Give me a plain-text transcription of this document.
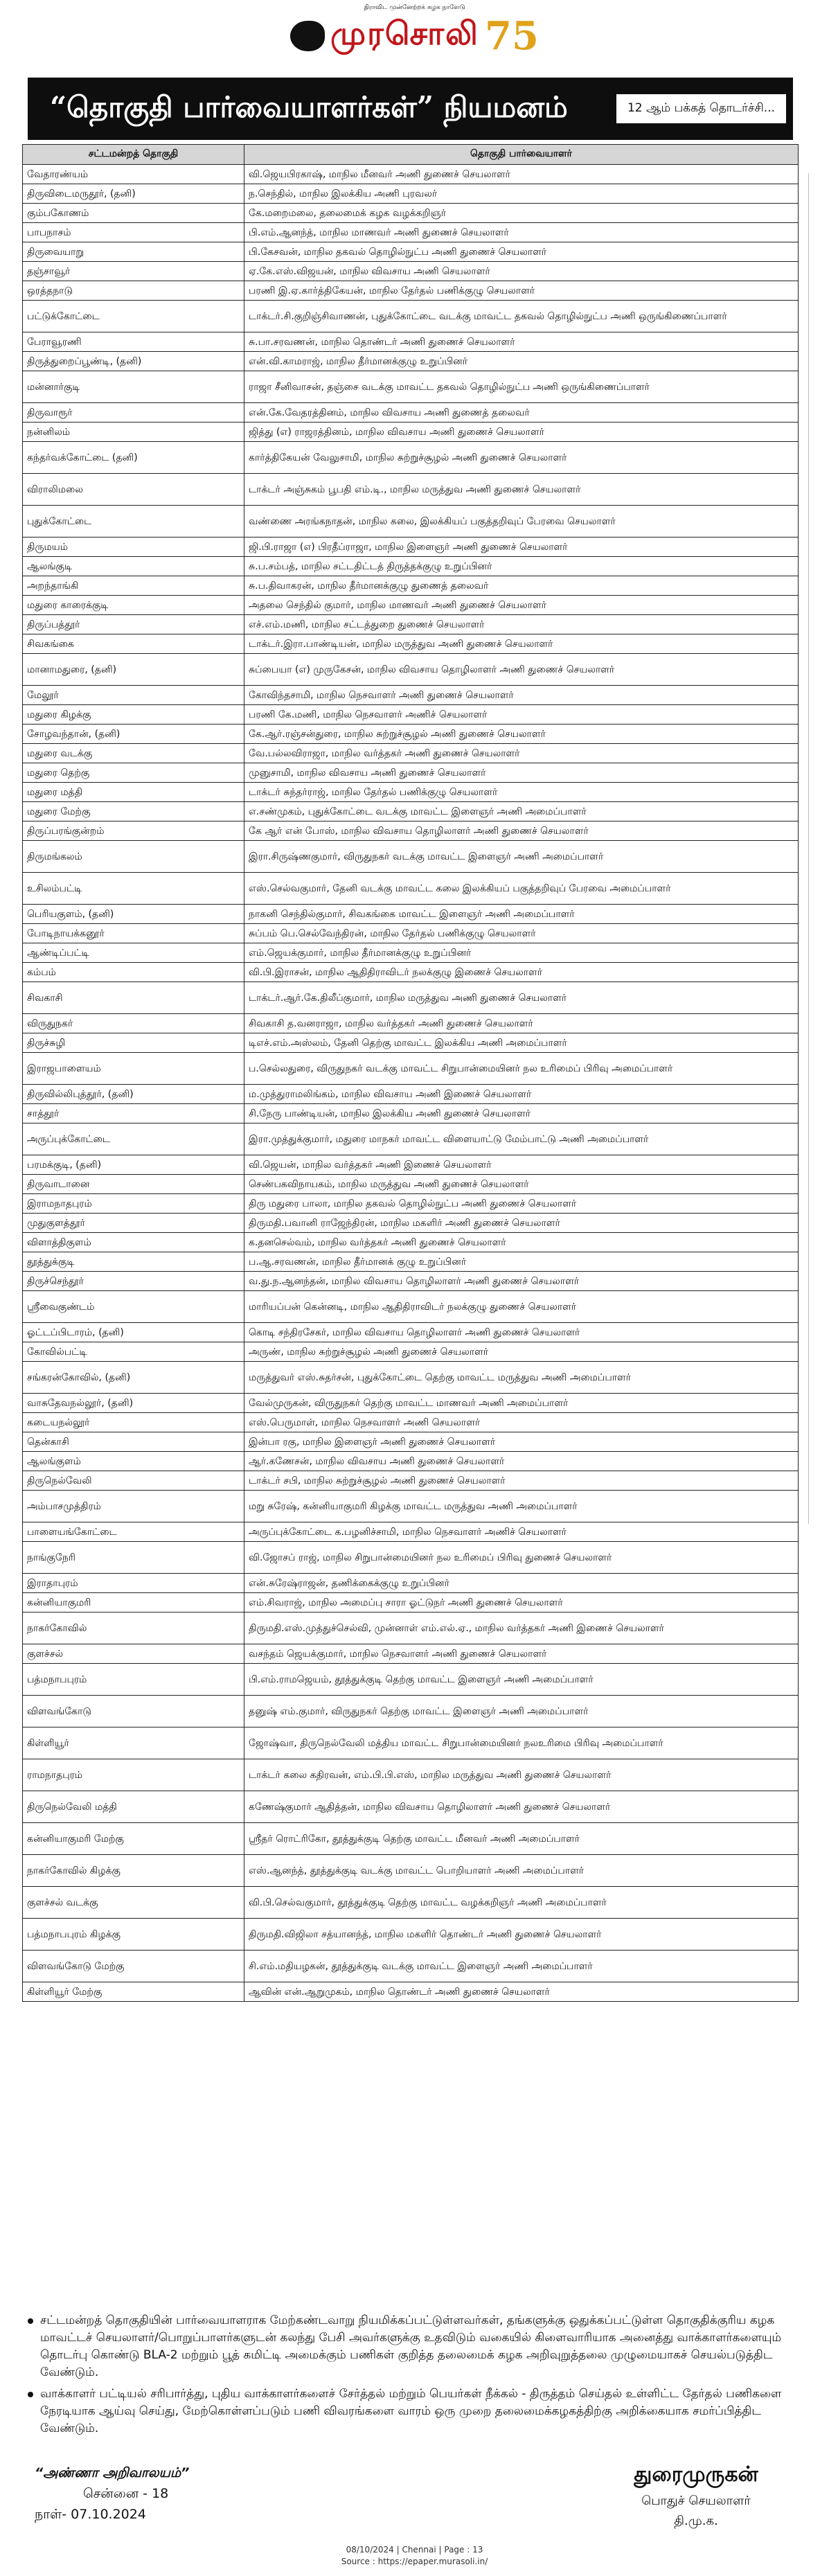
திராவிட முன்னேற்றக் கழக நாளேடு
முரசொலி 75
“தொகுதி பார்வையாளர்கள்” நியமனம்	12 ஆம் பக்கத் தொடர்ச்சி...
சட்டமன்றத் தொகுதி	தொகுதி பார்வையாளர்
வேதாரண்யம்	வி.ஜெயபிரகாஷ், மாநில மீனவர் அணி துணைச் செயலாளர்
திருவிடைமருதூர், (தனி)	ந.செந்தில், மாநில இலக்கிய அணி புரவலர்
கும்பகோணம்	கே.மறைமலை, தலைமைக் கழக வழக்கறிஞர்
பாபநாசம்	பி.எம்.ஆனந்த், மாநில மாணவர் அணி துணைச் செயலாளர்
திருவையாறு	பி.கேசவன், மாநில தகவல் தொழில்நுட்ப அணி துணைச் செயலாளர்
தஞ்சாவூர்	ஏ.கே.எஸ்.விஜயன், மாநில விவசாய அணி செயலாளர்
ஒரத்தநாடு	பரணி இ.ஏ.கார்த்திகேயன், மாநில தேர்தல் பணிக்குழு செயலாளர்
பட்டுக்கோட்டை	டாக்டர்.சி.குறிஞ்சிவாணன், புதுக்கோட்டை வடக்கு மாவட்ட தகவல் தொழில்நுட்ப அணி ஒருங்கிணைப்பாளர்
பேராவூரணி	சு.பா.சரவணன், மாநில தொண்டர் அணி துணைச் செயலாளர்
திருத்துறைப்பூண்டி, (தனி)	என்.வி.காமராஜ், மாநில தீர்மானக்குழு உறுப்பினர்
மன்னார்குடி	ராஜா சீனிவாசன், தஞ்சை வடக்கு மாவட்ட தகவல் தொழில்நுட்ப அணி ஒருங்கிணைப்பாளர்
திருவாரூர்	என்.கே.வேதரத்தினம், மாநில விவசாய அணி துணைத் தலைவர்
நன்னிலம்	ஜித்து (எ) ராஜரத்தினம், மாநில விவசாய அணி துணைச் செயலாளர்
கந்தர்வக்கோட்டை (தனி)	கார்த்திகேயன் வேலுசாமி, மாநில சுற்றுச்சூழல் அணி துணைச் செயலாளர்
விராலிமலை	டாக்டர் அஞ்சுகம் பூபதி எம்.டி., மாநில மருத்துவ அணி துணைச் செயலாளர்
புதுக்கோட்டை	வண்ணை அரங்கநாதன், மாநில கலை, இலக்கியப் பகுத்தறிவுப் பேரவை செயலாளர்
திருமயம்	ஜி.பி.ராஜா (எ) பிரதீப்ராஜா, மாநில இளைஞர் அணி துணைச் செயலாளர்
ஆலங்குடி	சு.ப.சம்பத், மாநில சட்டதிட்டத் திருத்தக்குழு உறுப்பினர்
அறந்தாங்கி	சு.ப.திவாகரன், மாநில தீர்மானக்குழு துணைத் தலைவர்
மதுரை காரைக்குடி	அதலை செந்தில் குமார், மாநில மாணவர் அணி துணைச் செயலாளர்
திருப்பத்தூர்	எச்.எம்.மணி, மாநில சட்டத்துறை துணைச் செயலாளர்
சிவகங்கை	டாக்டர்.இரா.பாண்டியன், மாநில மருத்துவ அணி துணைச் செயலாளர்
மானாமதுரை, (தனி)	சுப்பையா (எ) முருகேசன், மாநில விவசாய தொழிலாளர் அணி துணைச் செயலாளர்
மேலூர்	கோவிந்தசாமி, மாநில நெசவாளர் அணி துணைச் செயலாளர்
மதுரை கிழக்கு	பரணி கே.மணி, மாநில நெசவாளர் அணிச் செயலாளர்
சோழவந்தான், (தனி)	கே.ஆர்.ரஞ்சன்துரை, மாநில சுற்றுச்சூழல் அணி துணைச் செயலாளர்
மதுரை வடக்கு	வே.பல்லவிராஜா, மாநில வர்த்தகர் அணி துணைச் செயலாளர்
மதுரை தெற்கு	முனுசாமி, மாநில விவசாய அணி துணைச் செயலாளர்
மதுரை மத்தி	டாக்டர் சுந்தர்ராஜ், மாநில தேர்தல் பணிக்குழு செயலாளர்
மதுரை மேற்கு	எ.சண்முகம், புதுக்கோட்டை வடக்கு மாவட்ட இளைஞர் அணி அமைப்பாளர்
திருப்பரங்குன்றம்	கே ஆர் என் போஸ், மாநில விவசாய தொழிலாளர் அணி துணைச் செயலாளர்
திருமங்கலம்	இரா.சிருஷ்ணகுமார், விருதுநகர் வடக்கு மாவட்ட இளைஞர் அணி அமைப்பாளர்
உசிலம்பட்டி	எஸ்.செல்வகுமார், தேனி வடக்கு மாவட்ட கலை இலக்கியப் பகுத்தறிவுப் பேரவை அமைப்பாளர்
பெரியகுளம், (தனி)	நாகனி செந்தில்குமார், சிவகங்கை மாவட்ட இளைஞர் அணி அமைப்பாளர்
போடிநாயக்கனூர்	சுப்பம் பெ.செல்வேந்திரன், மாநில தேர்தல் பணிக்குழு செயலாளர்
ஆண்டிப்பட்டி	எம்.ஜெயக்குமார், மாநில தீர்மானக்குழு உறுப்பினர்
கம்பம்	வி.பி.இராசன், மாநில ஆதிதிராவிடர் நலக்குழு இணைச் செயலாளர்
சிவகாசி	டாக்டர்.ஆர்.கே.திலீப்குமார், மாநில மருத்துவ அணி துணைச் செயலாளர்
விருதுநகர்	சிவகாசி த.வனராஜா, மாநில வர்த்தகர் அணி துணைச் செயலாளர்
திருச்சுழி	டிஎச்.எம்.அஸ்லம், தேனி தெற்கு மாவட்ட இலக்கிய அணி அமைப்பாளர்
இராஜபாளையம்	ப.செல்லதுரை, விருதுநகர் வடக்கு மாவட்ட சிறுபான்மையினர் நல உரிமைப் பிரிவு அமைப்பாளர்
திருவில்லிபுத்தூர், (தனி)	ம.முத்துராமலிங்கம், மாநில விவசாய அணி இணைச் செயலாளர்
சாத்தூர்	சி.நேரு பாண்டியன், மாநில இலக்கிய அணி துணைச் செயலாளர்
அருப்புக்கோட்டை	இரா.முத்துக்குமார், மதுரை மாநகர் மாவட்ட விளையாட்டு மேம்பாட்டு அணி அமைப்பாளர்
பரமக்குடி, (தனி)	வி.ஜெயன், மாநில வர்த்தகர் அணி இணைச் செயலாளர்
திருவாடானை	செண்பகவிநாயகம், மாநில மருத்துவ அணி துணைச் செயலாளர்
இராமநாதபுரம்	திரு மதுரை பாலா, மாநில தகவல் தொழில்நுட்ப அணி துணைச் செயலாளர்
முதுகுளத்தூர்	திருமதி.பவானி ராஜேந்திரன், மாநில மகளிர் அணி துணைச் செயலாளர்
விளாத்திகுளம்	க.தனசெல்வம், மாநில வர்த்தகர் அணி துணைச் செயலாளர்
தூத்துக்குடி	ப.ஆ.சரவணன், மாநில தீர்மானக் குழு உறுப்பினர்
திருச்செந்தூர்	வ.து.ந.ஆனந்தன், மாநில விவசாய தொழிலாளர் அணி துணைச் செயலாளர்
ஸ்ரீவைகுண்டம்	மாரியப்பன் கென்னடி, மாநில ஆதிதிராவிடர் நலக்குழு துணைச் செயலாளர்
ஓட்டப்பிடாரம், (தனி)	கொடி சந்திரசேகர், மாநில விவசாய தொழிலாளர் அணி துணைச் செயலாளர்
கோவில்பட்டி	அருண், மாநில சுற்றுச்சூழல் அணி துணைச் செயலாளர்
சங்கரன்கோவில், (தனி)	மருத்துவர் எஸ்.சுதர்சன், புதுக்கோட்டை தெற்கு மாவட்ட மருத்துவ அணி அமைப்பாளர்
வாசுதேவநல்லூர், (தனி)	வேல்முருகன், விருதுநகர் தெற்கு மாவட்ட மாணவர் அணி அமைப்பாளர்
கடையநல்லூர்	எஸ்.பெருமாள், மாநில நெசவாளர் அணி செயலாளர்
தென்காசி	இன்பா ரகு, மாநில இளைஞர் அணி துணைச் செயலாளர்
ஆலங்குளம்	ஆர்.கணேசன், மாநில விவசாய அணி துணைச் செயலாளர்
திருநெல்வேலி	டாக்டர் சபி, மாநில சுற்றுச்சூழல் அணி துணைச் செயலாளர்
அம்பாசமுத்திரம்	மறு சுரேஷ், கன்னியாகுமரி கிழக்கு மாவட்ட மருத்துவ அணி அமைப்பாளர்
பாளையங்கோட்டை	அருப்புக்கோட்டை க.பழனிச்சாமி, மாநில நெசவாளர் அணிச் செயலாளர்
நாங்குநேரி	வி.ஜோசப் ராஜ், மாநில சிறுபான்மையினர் நல உரிமைப் பிரிவு துணைச் செயலாளர்
இராதாபுரம்	என்.சுரேஷ்ராஜன், தணிக்கைக்குழு உறுப்பினர்
கன்னியாகுமரி	எம்.சிவராஜ், மாநில அமைப்பு சாரா ஓட்டுநர் அணி துணைச் செயலாளர்
நாகர்கோவில்	திருமதி.எஸ்.முத்துச்செல்வி, முன்னாள் எம்.எல்.ஏ., மாநில வர்த்தகர் அணி இணைச் செயலாளர்
குளச்சல்	வசந்தம் ஜெயக்குமார், மாநில நெசவாளர் அணி துணைச் செயலாளர்
பத்மநாபபுரம்	பி.எம்.ராமஜெயம், தூத்துக்குடி தெற்கு மாவட்ட இளைஞர் அணி அமைப்பாளர்
விளவங்கோடு	தனுஷ் எம்.குமார், விருதுநகர் தெற்கு மாவட்ட இளைஞர் அணி அமைப்பாளர்
கிள்ளியூர்	ஜோஷ்வா, திருநெல்வேலி மத்திய மாவட்ட சிறுபான்மையினர் நலஉரிமை பிரிவு அமைப்பாளர்
ராமநாதபுரம்	டாக்டர் கலை கதிரவன், எம்.பி.பி.எஸ், மாநில மருத்துவ அணி துணைச் செயலாளர்
திருநெல்வேலி மத்தி	கணேஷ்குமார் ஆதித்தன், மாநில விவசாய தொழிலாளர் அணி துணைச் செயலாளர்
கன்னியாகுமரி மேற்கு	ஸ்ரீதர் ரொட்ரிகோ, தூத்துக்குடி தெற்கு மாவட்ட மீனவர் அணி அமைப்பாளர்
நாகர்கோவில் கிழக்கு	எஸ்.ஆனந்த், தூத்துக்குடி வடக்கு மாவட்ட பொறியாளர் அணி அமைப்பாளர்
குளச்சல் வடக்கு	வி.பி.செல்வகுமார், தூத்துக்குடி தெற்கு மாவட்ட வழக்கறிஞர் அணி அமைப்பாளர்
பத்மநாபபுரம் கிழக்கு	திருமதி.விஜிலா சத்யானந்த், மாநில மகளிர் தொண்டர் அணி துணைச் செயலாளர்
விளவங்கோடு மேற்கு	சி.எம்.மதியழகன், தூத்துக்குடி வடக்கு மாவட்ட இளைஞர் அணி அமைப்பாளர்
கிள்ளியூர் மேற்கு	ஆவின் என்.ஆறுமுகம், மாநில தொண்டர் அணி துணைச் செயலாளர்
சட்டமன்றத் தொகுதியின் பார்வையாளராக மேற்கண்டவாறு நியமிக்கப்பட்டுள்ளவர்கள், தங்களுக்கு ஒதுக்கப்பட்டுள்ள தொகுதிக்குரிய கழக மாவட்டச் செயலாளர்/பொறுப்பாளர்களுடன் கலந்து பேசி அவர்களுக்கு உதவிடும் வகையில் கிளைவாரியாக அனைத்து வாக்காளர்களையும் தொடர்பு கொண்டு BLA-2 மற்றும் பூத் கமிட்டி அமைக்கும் பணிகள் குறித்த தலைமைக் கழக அறிவுறுத்தலை முழுமையாகச் செயல்படுத்திட வேண்டும்.
வாக்காளர் பட்டியல் சரிபார்த்து, புதிய வாக்காளர்களைச் சேர்த்தல் மற்றும் பெயர்கள் நீக்கல் - திருத்தம் செய்தல் உள்ளிட்ட தேர்தல் பணிகளை நேரடியாக ஆய்வு செய்து, மேற்கொள்ளப்படும் பணி விவரங்களை வாரம் ஒரு முறை தலைமைக்கழகத்திற்கு அறிக்கையாக சமர்ப்பித்திட வேண்டும்.
“அண்ணா அறிவாலயம்”
சென்னை - 18
நாள்- 07.10.2024
துரைமுருகன்
பொதுச் செயலாளர்
தி.மு.க.
08/10/2024 | Chennai | Page : 13
Source : https://epaper.murasoli.in/
